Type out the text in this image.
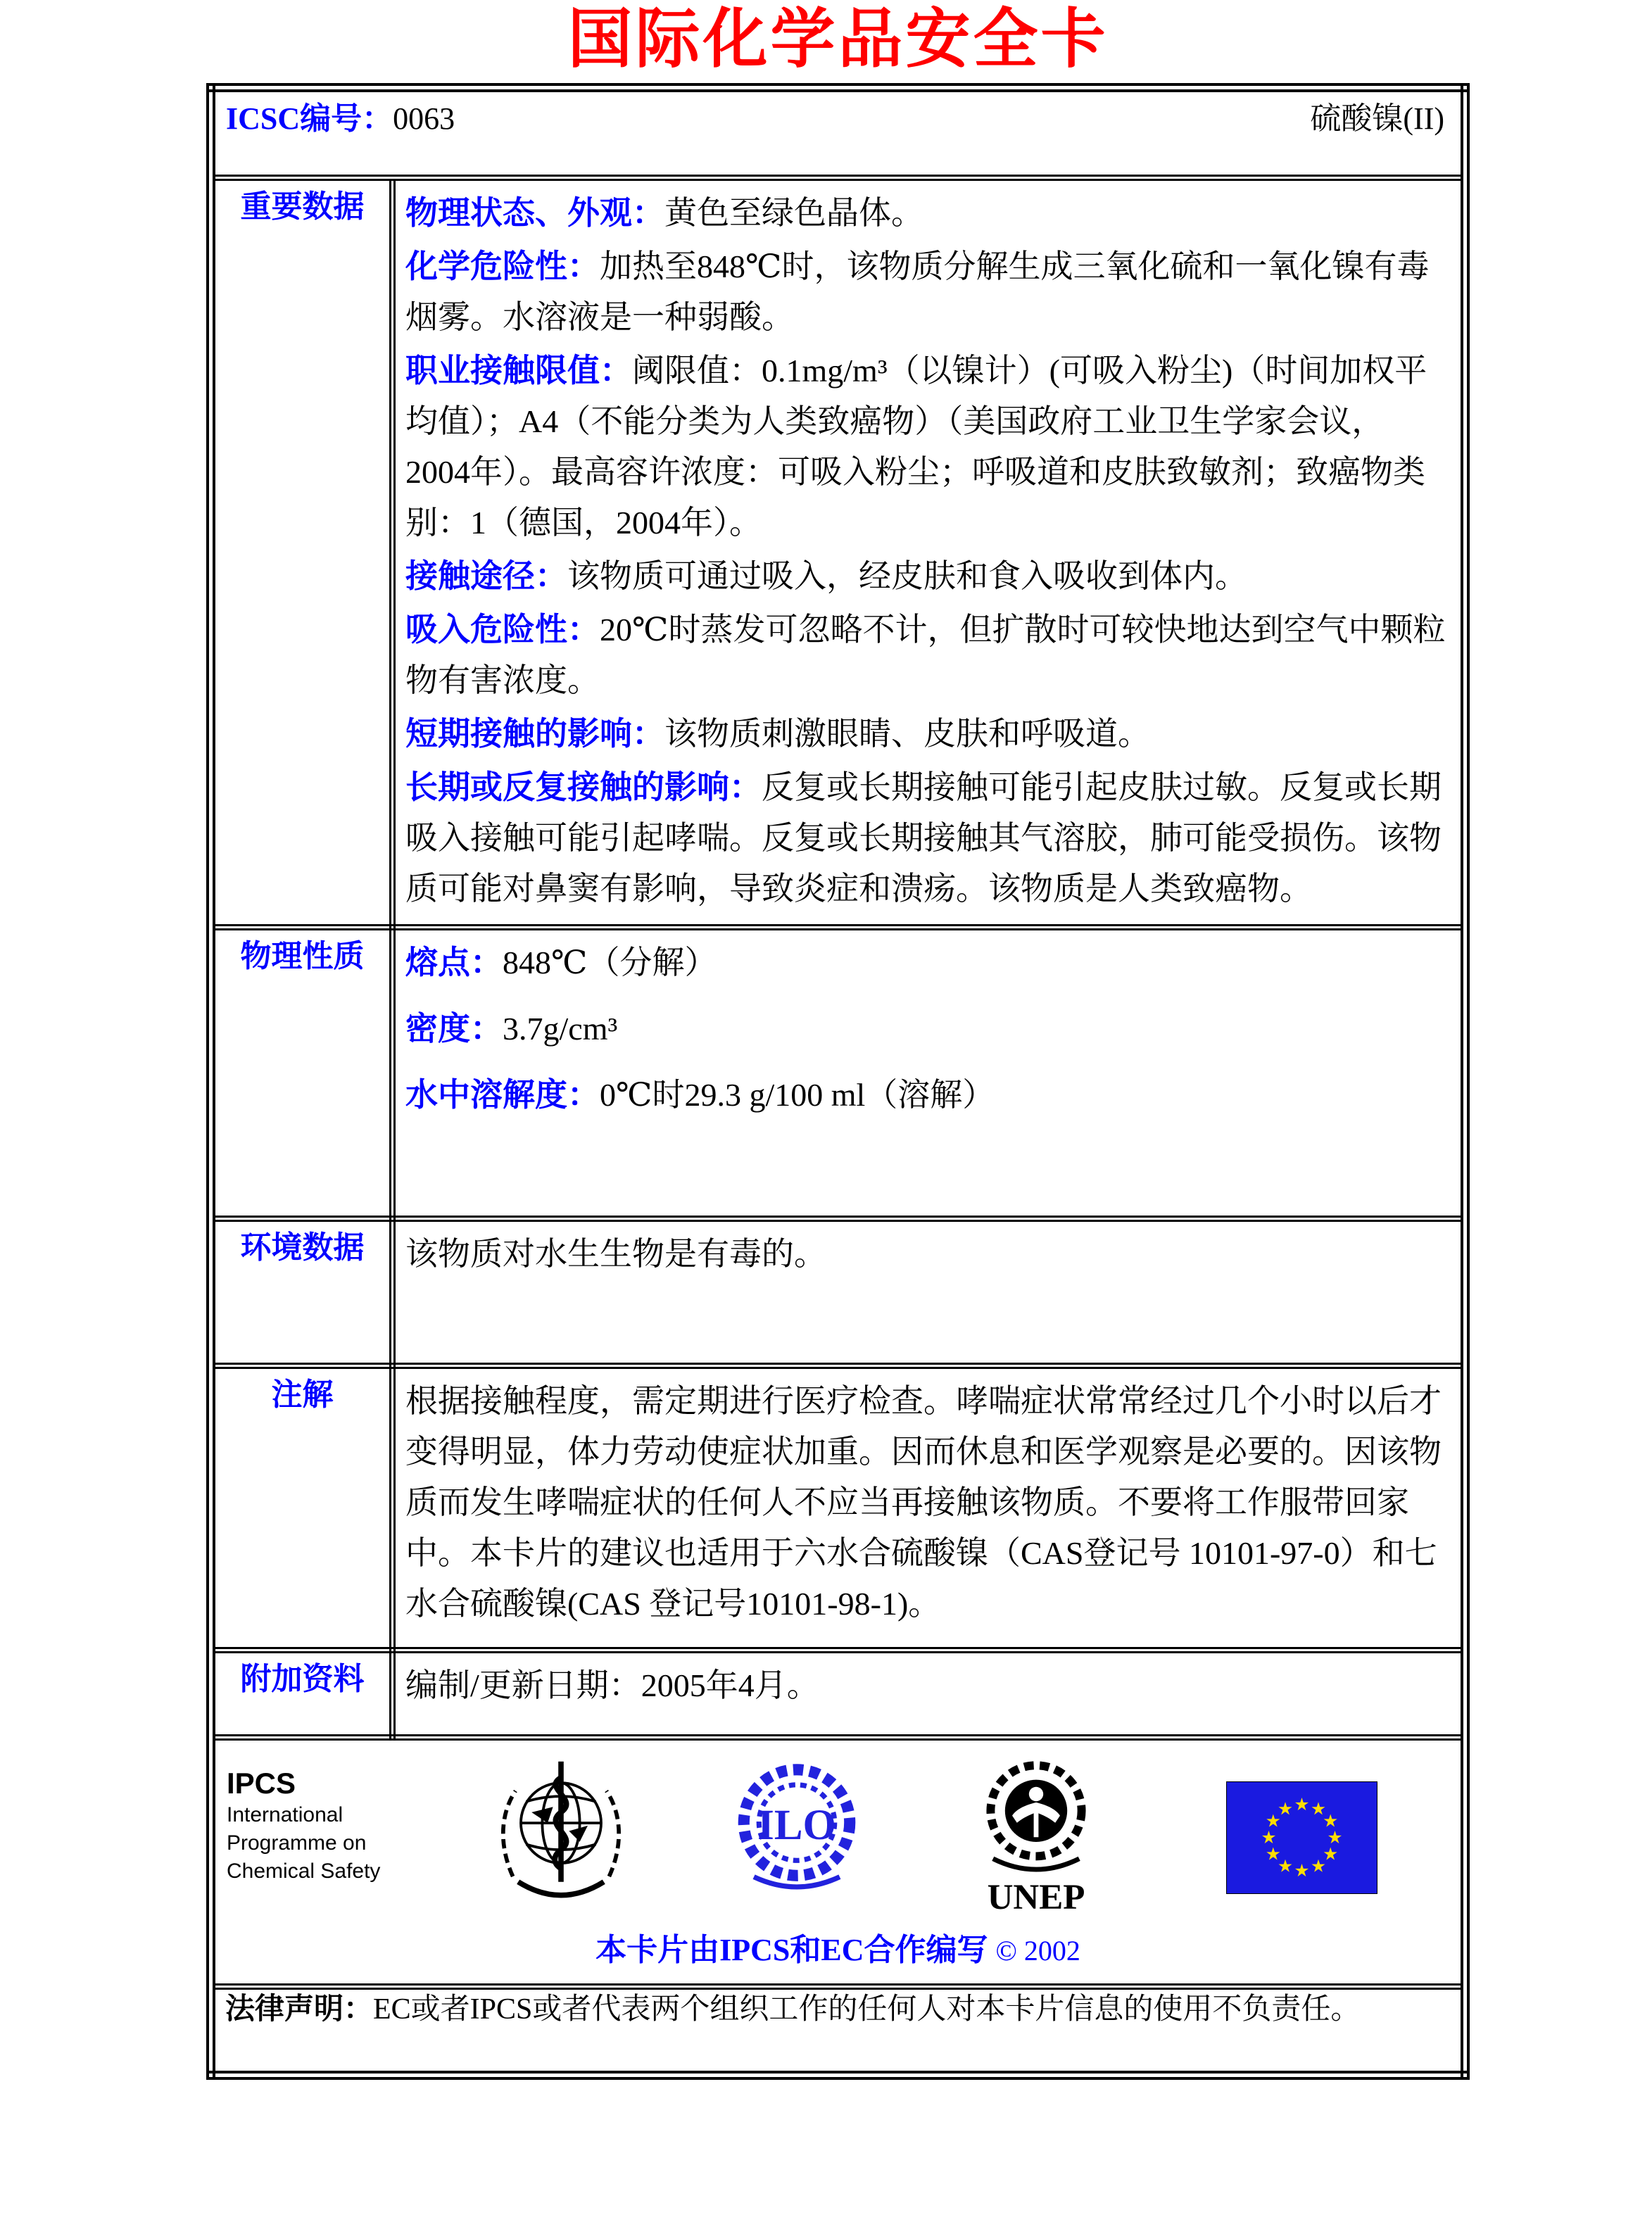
国际化学品安全卡
ICSC编号：0063 硫酸镍(II)	

重要数据	物理状态、外观：黄色至绿色晶体。

化学危险性：加热至848℃时，该物质分解生成三氧化硫和一氧化镍有毒烟雾。水溶液是一种弱酸。

职业接触限值：阈限值：0.1mg/m³（以镍计）(可吸入粉尘)（时间加权平均值）；A4（不能分类为人类致癌物）（美国政府工业卫生学家会议，2004年）。最高容许浓度：可吸入粉尘；呼吸道和皮肤致敏剂；致癌物类别：1（德国，2004年）。

接触途径：该物质可通过吸入，经皮肤和食入吸收到体内。

吸入危险性：20℃时蒸发可忽略不计，但扩散时可较快地达到空气中颗粒物有害浓度。

短期接触的影响：该物质刺激眼睛、皮肤和呼吸道。

长期或反复接触的影响：反复或长期接触可能引起皮肤过敏。反复或长期吸入接触可能引起哮喘。反复或长期接触其气溶胶，肺可能受损伤。该物质可能对鼻窦有影响，导致炎症和溃疡。该物质是人类致癌物。

物理性质	熔点：848℃（分解）

密度：3.7g/cm³

水中溶解度：0℃时29.3 g/100 ml（溶解）

环境数据	该物质对水生生物是有毒的。

注解	根据接触程度，需定期进行医疗检查。哮喘症状常常经过几个小时以后才变得明显，体力劳动使症状加重。因而休息和医学观察是必要的。因该物质而发生哮喘症状的任何人不应当再接触该物质。不要将工作服带回家中。本卡片的建议也适用于六水合硫酸镍（CAS登记号 10101-97-0）和七水合硫酸镍(CAS 登记号10101-98-1)。

附加资料	编制/更新日期：2005年4月。

IPCS
International
Programme on
Chemical Safety
ILO
UNEP
本卡片由IPCS和EC合作编写 © 2002

法律声明：EC或者IPCS或者代表两个组织工作的任何人对本卡片信息的使用不负责任。	
